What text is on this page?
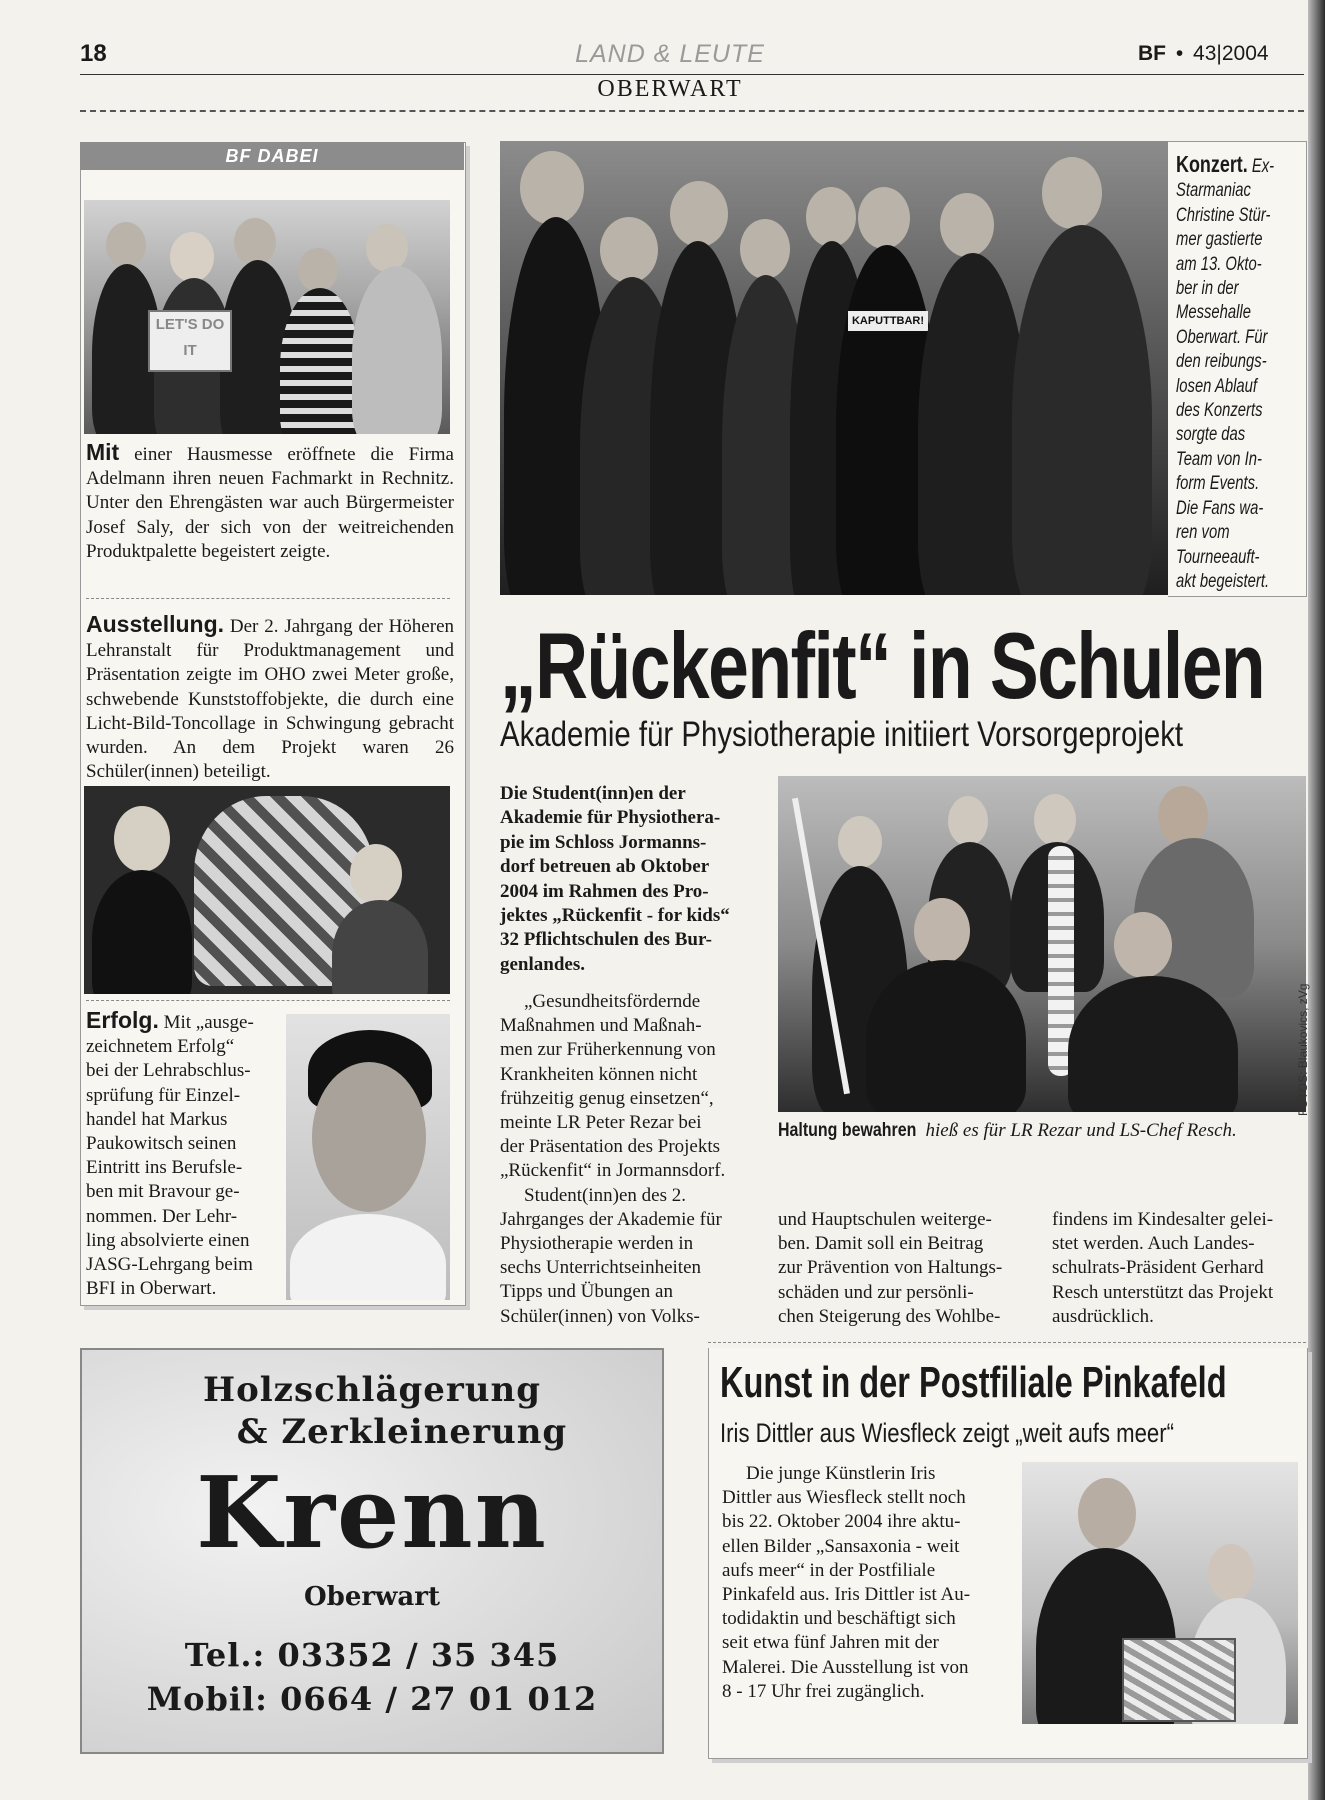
18	LAND & LEUTE	BF • 43|2004
OBERWART
BF DABEI
LET'S DO IT

Mit einer Hausmesse eröffnete die Firma Adelmann ihren neuen Fachmarkt in Rechnitz. Unter den Ehrengästen war auch Bürgermeister Josef Saly, der sich von der weitreichenden Produktpalette begeistert zeigte.

Ausstellung. Der 2. Jahrgang der Höheren Lehranstalt für Produktmanagement und Präsentation zeigte im OHO zwei Meter große, schwebende Kunststoffobjekte, die durch eine Licht-Bild-Toncollage in Schwingung gebracht wurden. An dem Projekt waren 26 Schüler(innen) beteiligt.

Erfolg. Mit „ausge-

zeichnetem Erfolg“

bei der Lehrabschlus-

sprüfung für Einzel-

handel hat Markus

Paukowitsch seinen

Eintritt ins Berufsle-

ben mit Bravour ge-

nommen. Der Lehr-

ling absolvierte einen

JASG-Lehrgang beim

BFI in Oberwart.

KAPUTTBAR!

Konzert. Ex-

Starmaniac

Christine Stür-

mer gastierte

am 13. Okto-

ber in der

Messehalle

Oberwart. Für

den reibungs-

losen Ablauf

des Konzerts

sorgte das

Team von In-

form Events.

Die Fans wa-

ren vom

Tourneeauft-

akt begeistert.

„Rückenfit“ in Schulen
Akademie für Physiotherapie initiiert Vorsorgeprojekt

Die Student(inn)en der

Akademie für Physiothera-

pie im Schloss Jormanns-

dorf betreuen ab Oktober

2004 im Rahmen des Pro-

jektes „Rückenfit - for kids“

32 Pflichtschulen des Bur-

genlandes.

„Gesundheitsfördernde

Maßnahmen und Maßnah-

men zur Früherkennung von

Krankheiten können nicht

frühzeitig genug einsetzen“,

meinte LR Peter Rezar bei

der Präsentation des Projekts

„Rückenfit“ in Jormannsdorf.

Student(inn)en des 2.

Jahrganges der Akademie für

Physiotherapie werden in

sechs Unterrichtseinheiten

Tipps und Übungen an

Schüler(innen) von Volks-

FOTOS: Blaukovics, zVg
Haltung bewahren hieß es für LR Rezar und LS-Chef Resch.

und Hauptschulen weiterge-

ben. Damit soll ein Beitrag

zur Prävention von Haltungs-

schäden und zur persönli-

chen Steigerung des Wohlbe-

findens im Kindesalter gelei-

stet werden. Auch Landes-

schulrats-Präsident Gerhard

Resch unterstützt das Projekt

ausdrücklich.

Holzschlägerung
& Zerkleinerung
Krenn
Oberwart
Tel.: 03352 / 35 345
Mobil: 0664 / 27 01 012
Kunst in der Postfiliale Pinkafeld
Iris Dittler aus Wiesfleck zeigt „weit aufs meer“

Die junge Künstlerin Iris

Dittler aus Wiesfleck stellt noch

bis 22. Oktober 2004 ihre aktu-

ellen Bilder „Sansaxonia - weit

aufs meer“ in der Postfiliale

Pinkafeld aus. Iris Dittler ist Au-

todidaktin und beschäftigt sich

seit etwa fünf Jahren mit der

Malerei. Die Ausstellung ist von

8 - 17 Uhr frei zugänglich.
